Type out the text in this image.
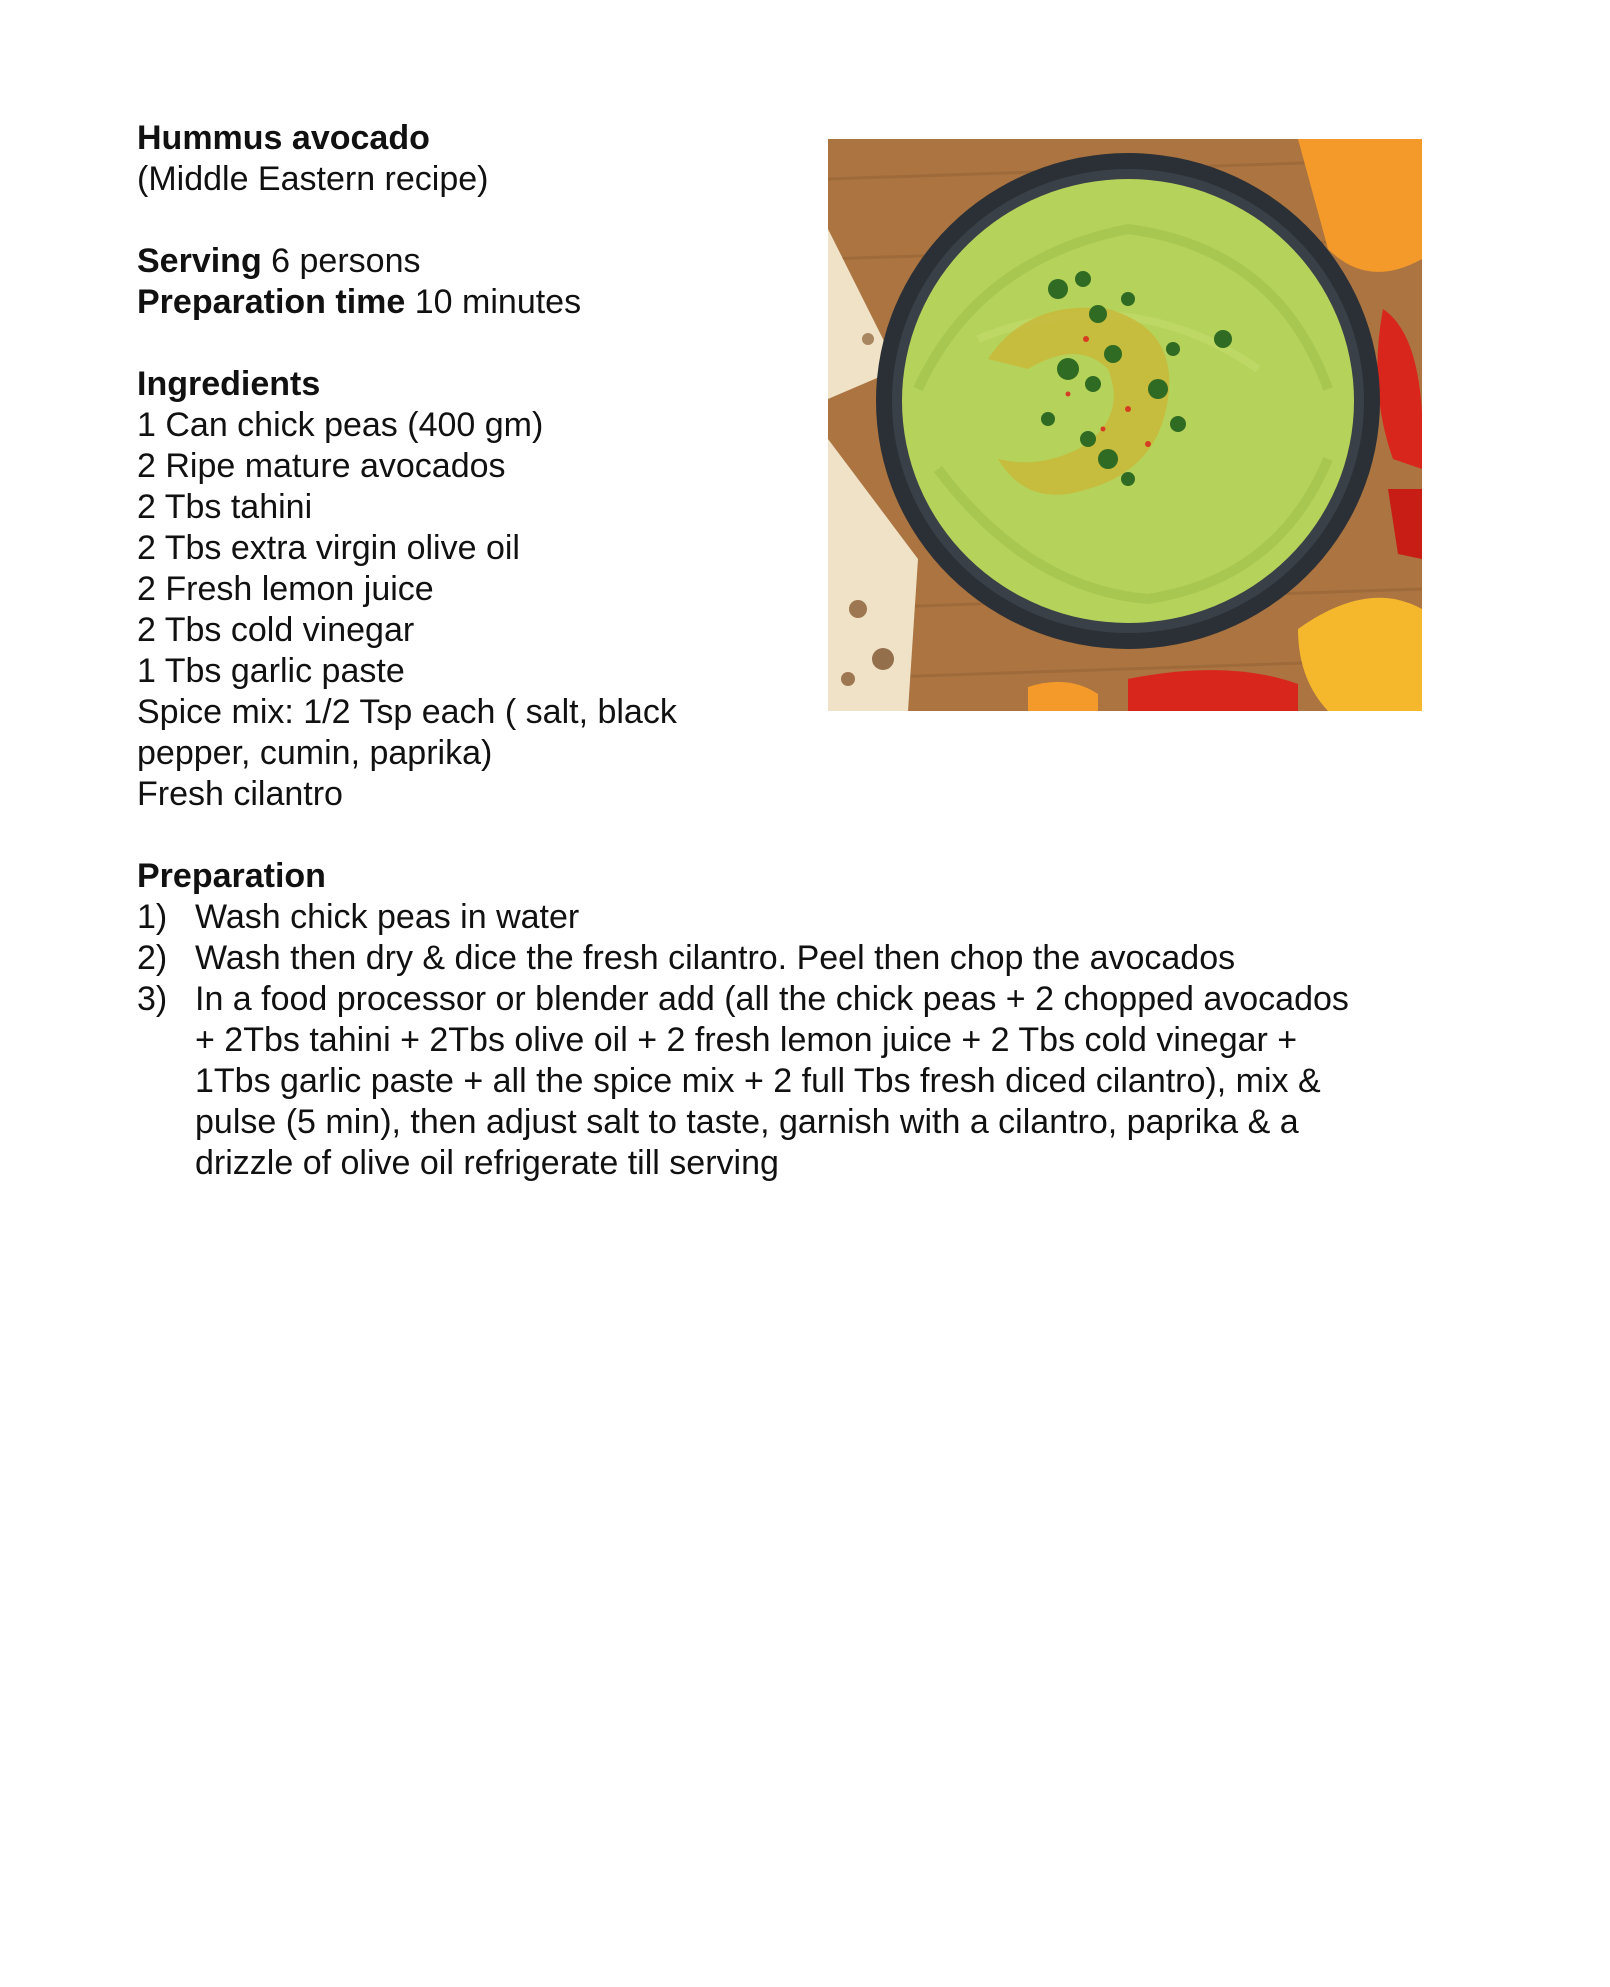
Hummus avocado

(Middle Eastern recipe)

Serving 6 persons

Preparation time 10 minutes

Ingredients

1 Can chick peas (400 gm)

2 Ripe mature avocados

2 Tbs tahini

2 Tbs extra virgin olive oil

2 Fresh lemon juice

2 Tbs cold vinegar

1 Tbs garlic paste

Spice mix: 1/2 Tsp each ( salt, black

pepper, cumin, paprika)

Fresh cilantro

Preparation

1) Wash chick peas in water
2) Wash then dry & dice the fresh cilantro. Peel then chop the avocados
3) In a food processor or blender add (all the chick peas + 2 chopped avocados + 2Tbs tahini + 2Tbs olive oil + 2 fresh lemon juice + 2 Tbs cold vinegar + 1Tbs garlic paste + all the spice mix + 2 full Tbs fresh diced cilantro), mix & pulse (5 min), then adjust salt to taste, garnish with a cilantro, paprika & a drizzle of olive oil refrigerate till serving
